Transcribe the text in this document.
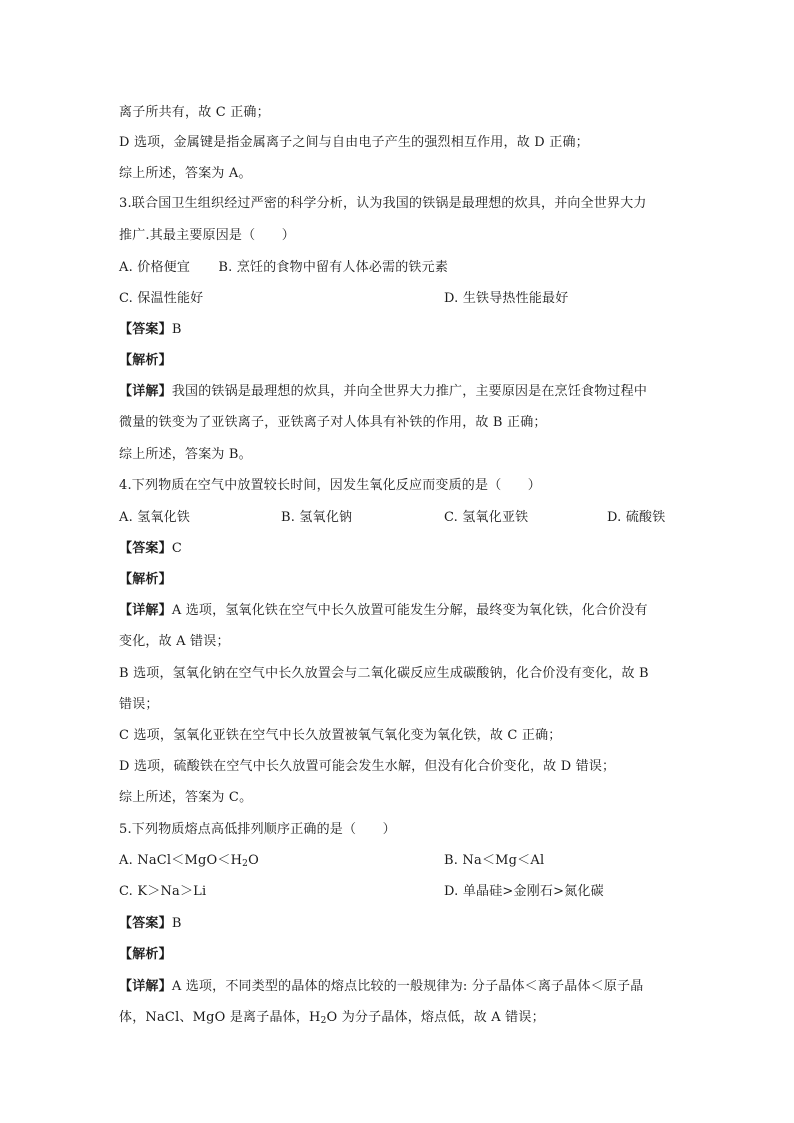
离子所共有，故 C 正确；
D 选项，金属键是指金属离子之间与自由电子产生的强烈相互作用，故 D 正确；
综上所述，答案为 A。
3.联合国卫生组织经过严密的科学分析，认为我国的铁锅是最理想的炊具，并向全世界大力
推广.其最主要原因是（　　）
A. 价格便宜 B. 烹饪的食物中留有人体必需的铁元素
C. 保温性能好	D. 生铁导热性能最好
【答案】B
【解析】
【详解】我国的铁锅是最理想的炊具，并向全世界大力推广，主要原因是在烹饪食物过程中
微量的铁变为了亚铁离子，亚铁离子对人体具有补铁的作用，故 B 正确；
综上所述，答案为 B。
4.下列物质在空气中放置较长时间，因发生氧化反应而变质的是（　　）
A. 氢氧化铁	B. 氢氧化钠	C. 氢氧化亚铁	D. 硫酸铁
【答案】C
【解析】
【详解】A 选项，氢氧化铁在空气中长久放置可能发生分解，最终变为氧化铁，化合价没有
变化，故 A 错误；
B 选项，氢氧化钠在空气中长久放置会与二氧化碳反应生成碳酸钠，化合价没有变化，故 B
错误；
C 选项，氢氧化亚铁在空气中长久放置被氧气氧化变为氧化铁，故 C 正确；
D 选项，硫酸铁在空气中长久放置可能会发生水解，但没有化合价变化，故 D 错误；
综上所述，答案为 C。
5.下列物质熔点高低排列顺序正确的是（　　）
A. $NaCl<MgO<H_2O$	B. Na＜Mg＜Al
C. K＞Na＞Li	D. 单晶硅>金刚石>氮化碳
【答案】B
【解析】
【详解】A 选项，不同类型的晶体的熔点比较的一般规律为: 分子晶体＜离子晶体＜原子晶
体，NaCl、MgO 是离子晶体，$H_2O$ 为分子晶体，熔点低，故 A 错误；
